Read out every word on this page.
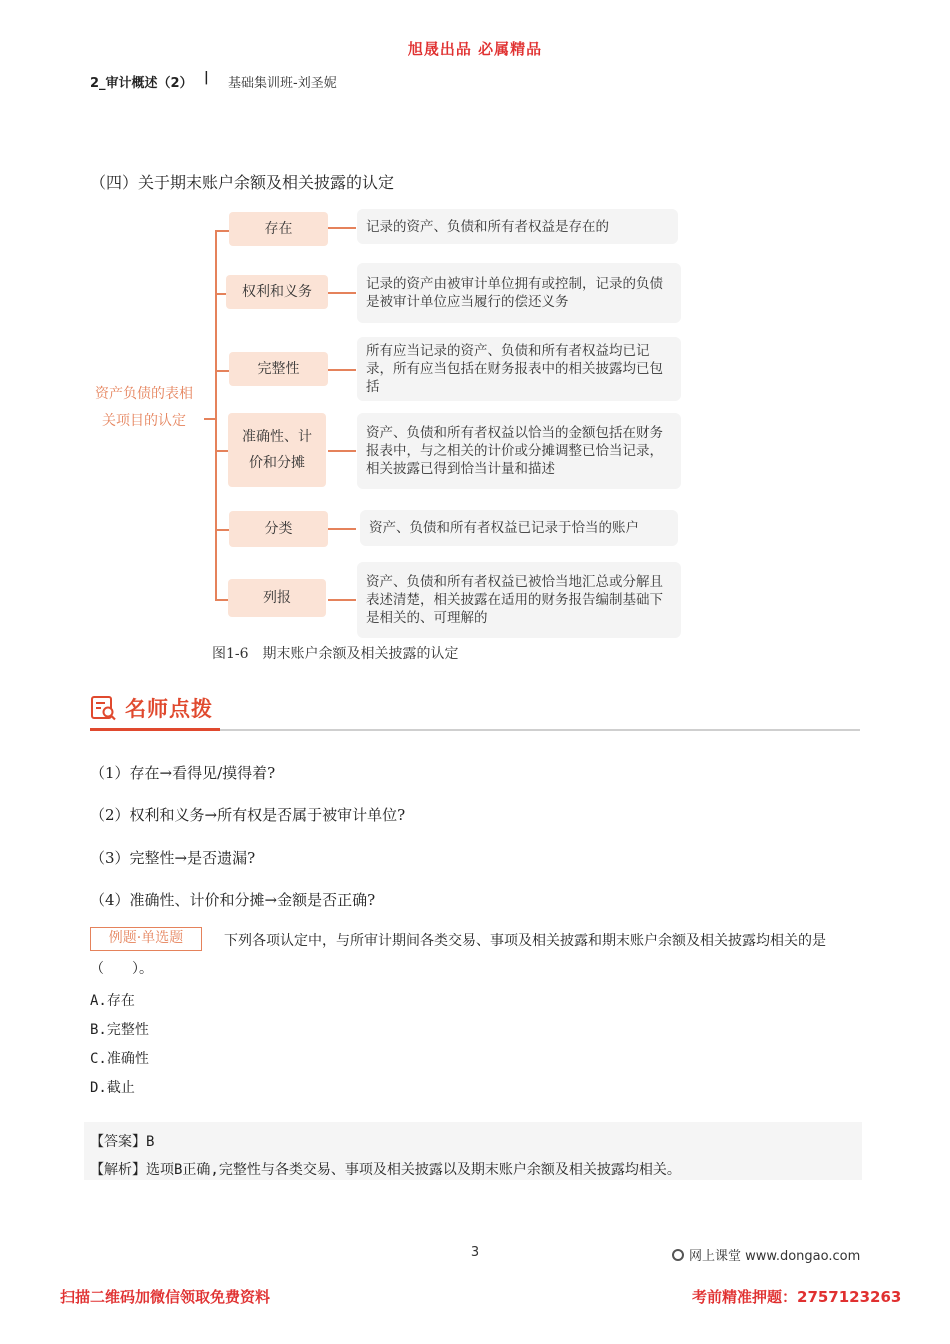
旭晟出品 必属精品
2_审计概述（2） | 基础集训班-刘圣妮
（四）关于期末账户余额及相关披露的认定
资产负债的表相
关项目的认定
存在
权利和义务
完整性
准确性、计价和分摊
分类
列报
记录的资产、负债和所有者权益是存在的
记录的资产由被审计单位拥有或控制，记录的负债是被审计单位应当履行的偿还义务
所有应当记录的资产、负债和所有者权益均已记录，所有应当包括在财务报表中的相关披露均已包括
资产、负债和所有者权益以恰当的金额包括在财务报表中，与之相关的计价或分摊调整已恰当记录，相关披露已得到恰当计量和描述
资产、负债和所有者权益已记录于恰当的账户
资产、负债和所有者权益已被恰当地汇总或分解且表述清楚，相关披露在适用的财务报告编制基础下是相关的、可理解的
图1-6　期末账户余额及相关披露的认定
名师点拨
（1）存在→看得见/摸得着?
（2）权利和义务→所有权是否属于被审计单位?
（3）完整性→是否遗漏?
（4）准确性、计价和分摊→金额是否正确?
下列各项认定中，与所审计期间各类交易、事项及相关披露和期末账户余额及相关披露均相关的是（　　）。
例题·单选题
A.存在
B.完整性
C.准确性
D.截止
【答案】B
【解析】选项B正确,完整性与各类交易、事项及相关披露以及期末账户余额及相关披露均相关。
3	网上课堂 www.dongao.com
扫描二维码加微信领取免费资料	考前精准押题：2757123263
